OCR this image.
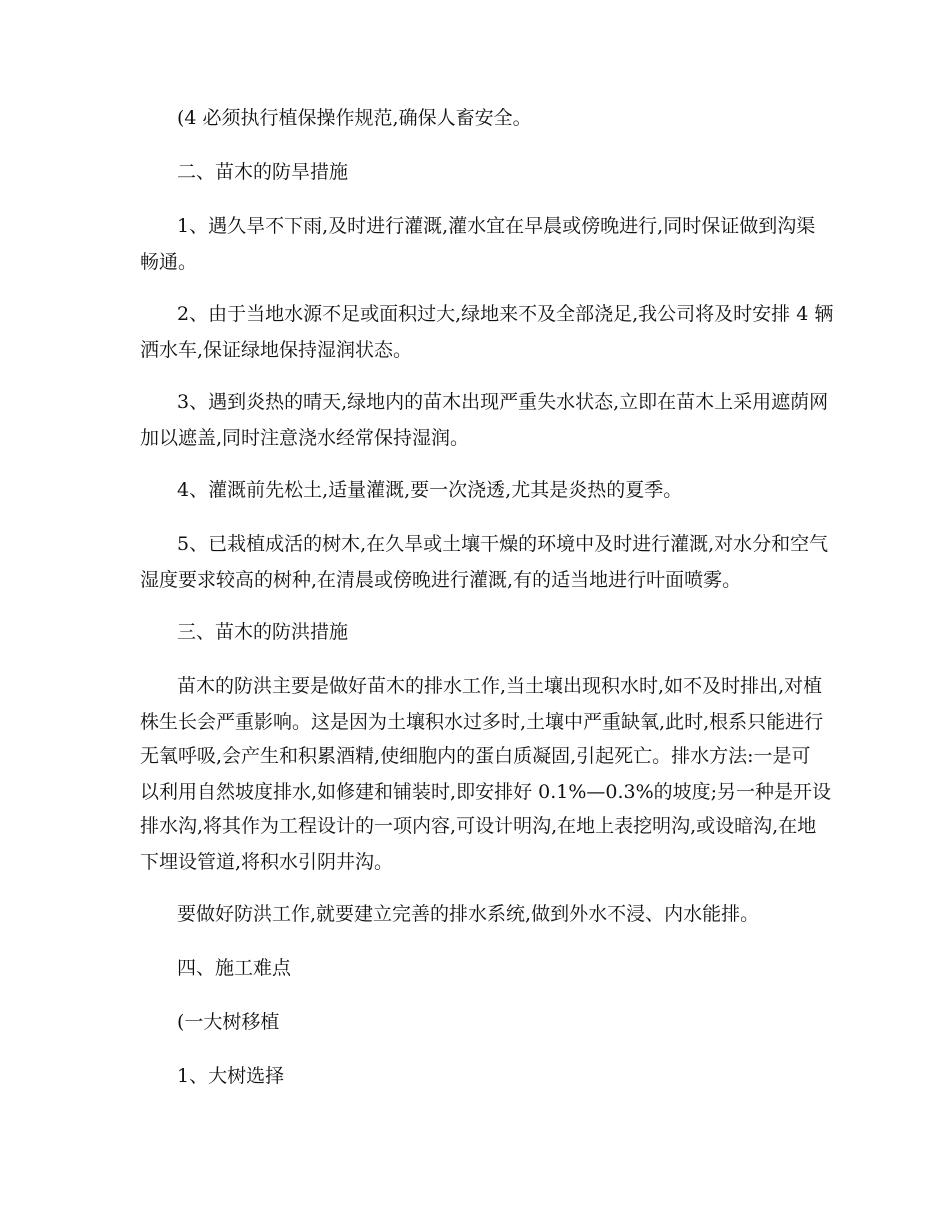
(4 必须执行植保操作规范,确保人畜安全。
二、苗木的防旱措施
1、遇久旱不下雨,及时进行灌溉,灌水宜在早晨或傍晚进行,同时保证做到沟渠
畅通。
2、由于当地水源不足或面积过大,绿地来不及全部浇足,我公司将及时安排 4 辆
洒水车,保证绿地保持湿润状态。
3、遇到炎热的晴天,绿地内的苗木出现严重失水状态,立即在苗木上采用遮荫网
加以遮盖,同时注意浇水经常保持湿润。
4、灌溉前先松土,适量灌溉,要一次浇透,尤其是炎热的夏季。
5、已栽植成活的树木,在久旱或土壤干燥的环境中及时进行灌溉,对水分和空气
湿度要求较高的树种,在清晨或傍晚进行灌溉,有的适当地进行叶面喷雾。
三、苗木的防洪措施
苗木的防洪主要是做好苗木的排水工作,当土壤出现积水时,如不及时排出,对植
株生长会严重影响。这是因为土壤积水过多时,土壤中严重缺氧,此时,根系只能进行
无氧呼吸,会产生和积累酒精,使细胞内的蛋白质凝固,引起死亡。排水方法:一是可
以利用自然坡度排水,如修建和铺装时,即安排好 0.1%—0.3%的坡度;另一种是开设
排水沟,将其作为工程设计的一项内容,可设计明沟,在地上表挖明沟,或设暗沟,在地
下埋设管道,将积水引阴井沟。
要做好防洪工作,就要建立完善的排水系统,做到外水不浸、内水能排。
四、施工难点
(一大树移植
1、大树选择
